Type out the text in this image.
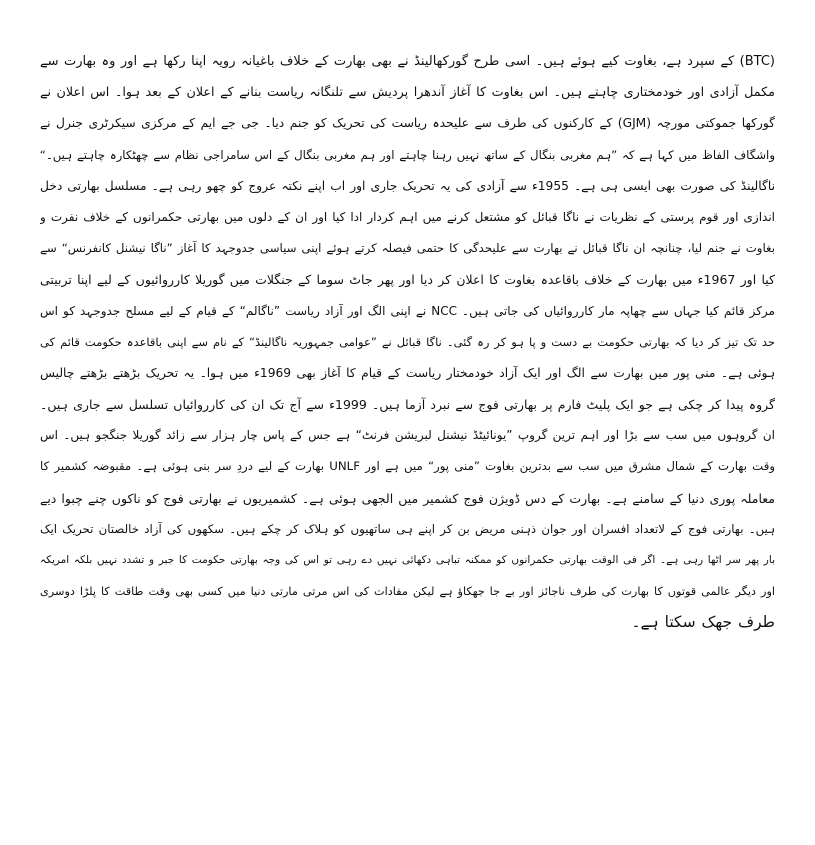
(BTC) کے سپرد ہے، بغاوت کیے ہوئے ہیں۔ اسی طرح گورکھالینڈ نے بھی بھارت کے خلاف باغیانہ رویہ اپنا رکھا ہے اور وہ بھارت سے
مکمل آزادی اور خودمختاری چاہتے ہیں۔ اس بغاوت کا آغاز آندھرا پردیش سے تلنگانہ ریاست بنانے کے اعلان کے بعد ہوا۔ اس اعلان نے
گورکھا جموکتی مورچہ (GJM) کے کارکنوں کی طرف سے علیحدہ ریاست کی تحریک کو جنم دیا۔ جی جے ایم کے مرکزی سیکرٹری جنرل نے
واشگاف الفاظ میں کہا ہے کہ ”ہم مغربی بنگال کے ساتھ نہیں رہنا چاہتے اور ہم مغربی بنگال کے اس سامراجی نظام سے چھٹکارہ چاہتے ہیں۔“
ناگالینڈ کی صورت بھی ایسی ہی ہے۔ 1955ء سے آزادی کی یہ تحریک جاری اور اب اپنے نکتہ عروج کو چھو رہی ہے۔ مسلسل بھارتی دخل
اندازی اور قوم پرستی کے نظریات نے ناگا قبائل کو مشتعل کرنے میں اہم کردار ادا کیا اور ان کے دلوں میں بھارتی حکمرانوں کے خلاف نفرت و
بغاوت نے جنم لیا، چنانچہ ان ناگا قبائل نے بھارت سے علیحدگی کا حتمی فیصلہ کرتے ہوئے اپنی سیاسی جدوجہد کا آغاز ”ناگا نیشنل کانفرنس“ سے
کیا اور 1967ء میں بھارت کے خلاف باقاعدہ بغاوت کا اعلان کر دیا اور پھر جاٹ سوما کے جنگلات میں گوریلا کارروائیوں کے لیے اپنا تربیتی
مرکز قائم کیا جہاں سے چھاپہ مار کارروائیاں کی جاتی ہیں۔ NCC نے اپنی الگ اور آزاد ریاست ”ناگالم“ کے قیام کے لیے مسلح جدوجہد کو اس
حد تک تیز کر دیا کہ بھارتی حکومت بے دست و پا ہو کر رہ گئی۔ ناگا قبائل نے ”عوامی جمہوریہ ناگالینڈ“ کے نام سے اپنی باقاعدہ حکومت قائم کی
ہوئی ہے۔ منی پور میں بھارت سے الگ اور ایک آزاد خودمختار ریاست کے قیام کا آغاز بھی 1969ء میں ہوا۔ یہ تحریک بڑھتے بڑھتے چالیس
گروہ پیدا کر چکی ہے جو ایک پلیٹ فارم پر بھارتی فوج سے نبرد آزما ہیں۔ 1999ء سے آج تک ان کی کارروائیاں تسلسل سے جاری ہیں۔
ان گروہوں میں سب سے بڑا اور اہم ترین گروپ ”یونائیٹڈ نیشنل لبریشن فرنٹ“ ہے جس کے پاس چار ہزار سے زائد گوریلا جنگجو ہیں۔ اس
وقت بھارت کے شمال مشرق میں سب سے بدترین بغاوت ”منی پور“ میں ہے اور UNLF بھارت کے لیے دردِ سر بنی ہوئی ہے۔ مقبوضہ کشمیر کا
معاملہ پوری دنیا کے سامنے ہے۔ بھارت کے دس ڈویژن فوج کشمیر میں الجھی ہوئی ہے۔ کشمیریوں نے بھارتی فوج کو ناکوں چنے چبوا دیے
ہیں۔ بھارتی فوج کے لاتعداد افسران اور جوان ذہنی مریض بن کر اپنے ہی ساتھیوں کو ہلاک کر چکے ہیں۔ سکھوں کی آزاد خالصتان تحریک ایک
بار پھر سر اٹھا رہی ہے۔ اگر فی الوقت بھارتی حکمرانوں کو ممکنہ تباہی دکھائی نہیں دے رہی تو اس کی وجہ بھارتی حکومت کا جبر و تشدد نہیں بلکہ امریکہ
اور دیگر عالمی قوتوں کا بھارت کی طرف ناجائز اور بے جا جھکاؤ ہے لیکن مفادات کی اس مرتی مارتی دنیا میں کسی بھی وقت طاقت کا پلڑا دوسری
طرف جھک سکتا ہے۔
